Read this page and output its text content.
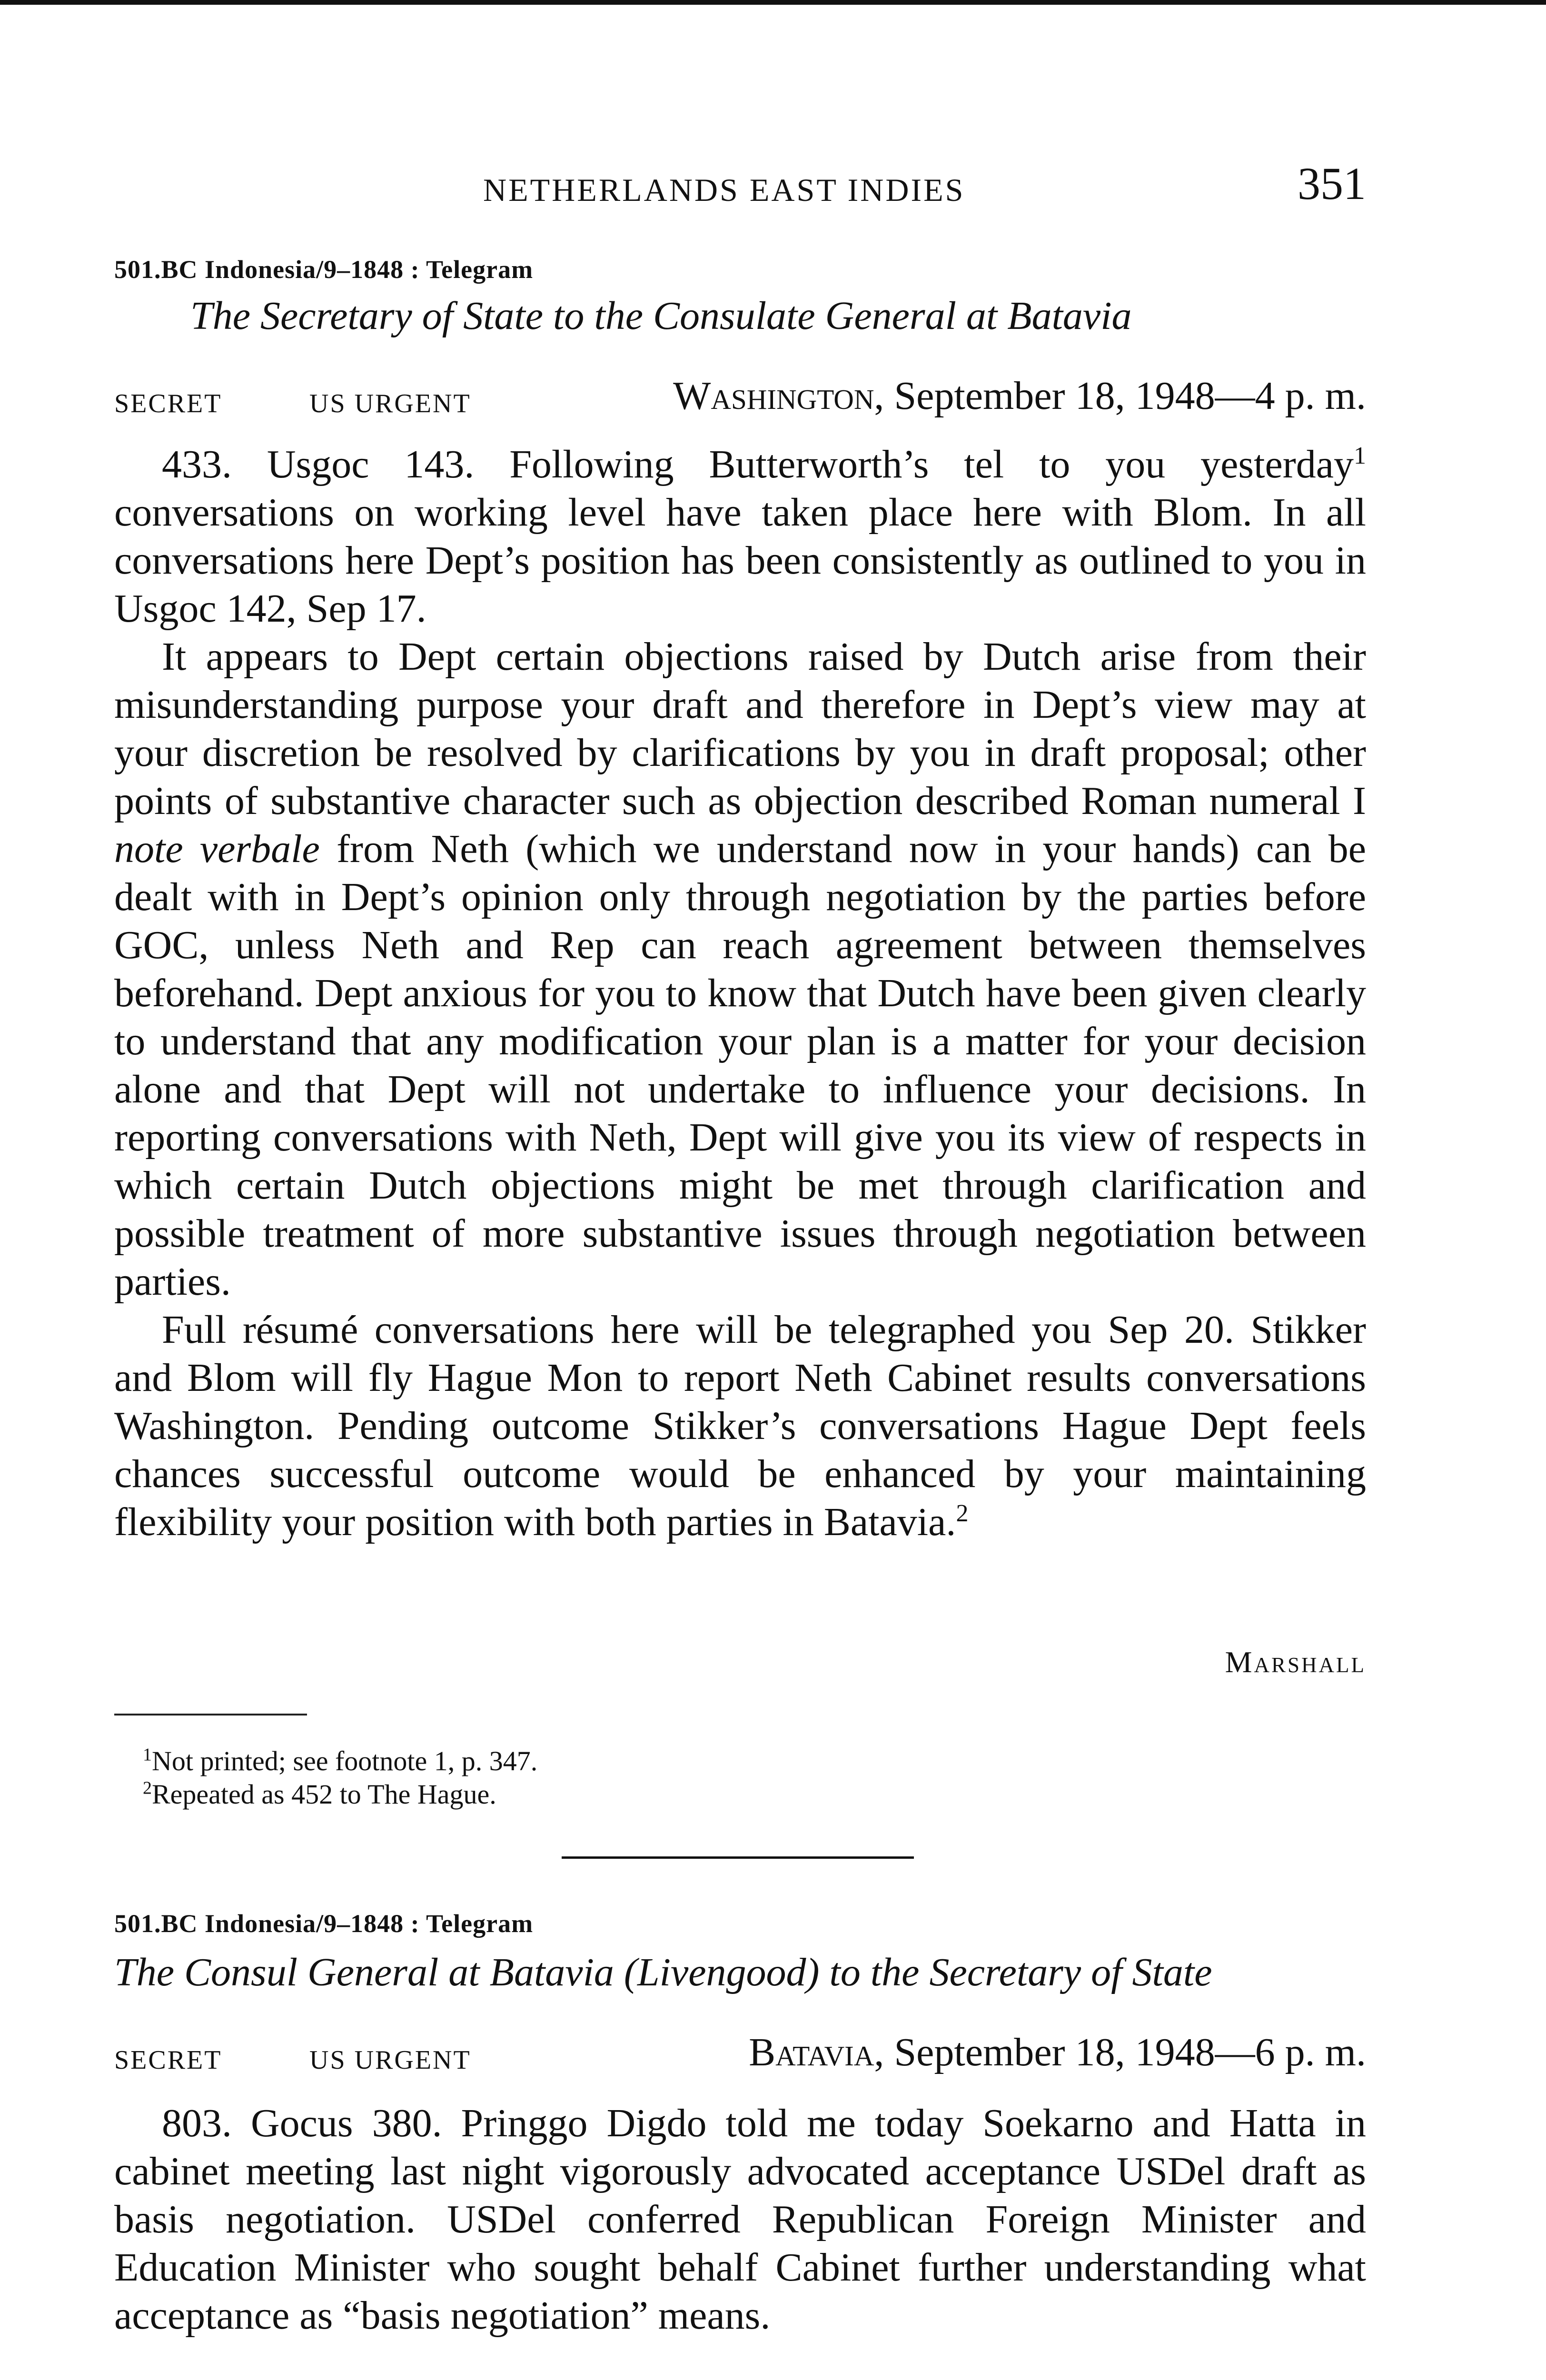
NETHERLANDS EAST INDIES	351
501.BC Indonesia/9–1848 : Telegram
The Secretary of State to the Consulate General at Batavia
SECRET	US URGENT	Washington, September 18, 1948—4 p. m.

433. Usgoc 143. Following Butterworth’s tel to you yesterday$^1$ conversations on working level have taken place here with Blom. In all conversations here Dept’s position has been consistently as outlined to you in Usgoc 142, Sep 17.

It appears to Dept certain objections raised by Dutch arise from their misunderstanding purpose your draft and therefore in Dept’s view may at your discretion be resolved by clarifications by you in draft proposal; other points of substantive character such as objection described Roman numeral I note verbale from Neth (which we understand now in your hands) can be dealt with in Dept’s opinion only through negotiation by the parties before GOC, unless Neth and Rep can reach agreement between themselves beforehand. Dept anxious for you to know that Dutch have been given clearly to understand that any modification your plan is a matter for your decision alone and that Dept will not undertake to influence your decisions. In reporting conversations with Neth, Dept will give you its view of respects in which certain Dutch objections might be met through clarification and possible treatment of more substantive issues through negotiation between parties.

Full résumé conversations here will be telegraphed you Sep 20. Stikker and Blom will fly Hague Mon to report Neth Cabinet results conversations Washington. Pending outcome Stikker’s conversations Hague Dept feels chances successful outcome would be enhanced by your maintaining flexibility your position with both parties in Batavia.$^2$

Marshall
$^1$Not printed; see footnote 1, p. 347.
$^2$Repeated as 452 to The Hague.
501.BC Indonesia/9–1848 : Telegram
The Consul General at Batavia (Livengood) to the Secretary of State
SECRET	US URGENT	Batavia, September 18, 1948—6 p. m.

803. Gocus 380. Pringgo Digdo told me today Soekarno and Hatta in cabinet meeting last night vigorously advocated acceptance USDel draft as basis negotiation. USDel conferred Republican Foreign Minister and Education Minister who sought behalf Cabinet further understanding what acceptance as “basis negotiation” means.
